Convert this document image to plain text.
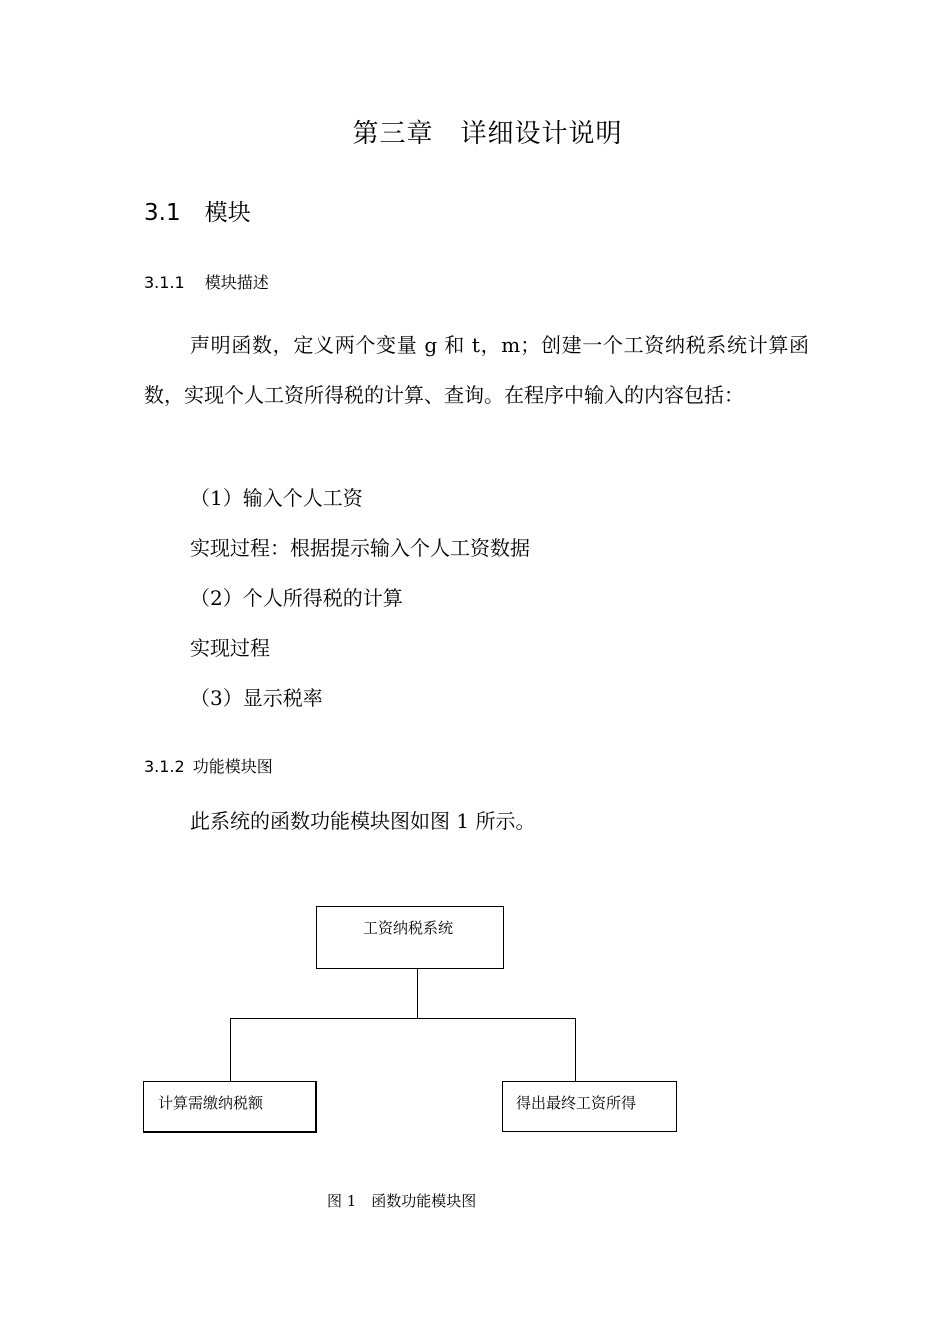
第三章　详细设计说明
3.1 模块
3.1.1 模块描述
声明函数，定义两个变量 g 和 t，m；创建一个工资纳税系统计算函数，实现个人工资所得税的计算、查询。在程序中输入的内容包括：
（1）输入个人工资
实现过程：根据提示输入个人工资数据
（2）个人所得税的计算
实现过程
（3）显示税率
3.1.2 功能模块图
此系统的函数功能模块图如图 1 所示。
工资纳税系统
计算需缴纳税额	得出最终工资所得
图 1　函数功能模块图
